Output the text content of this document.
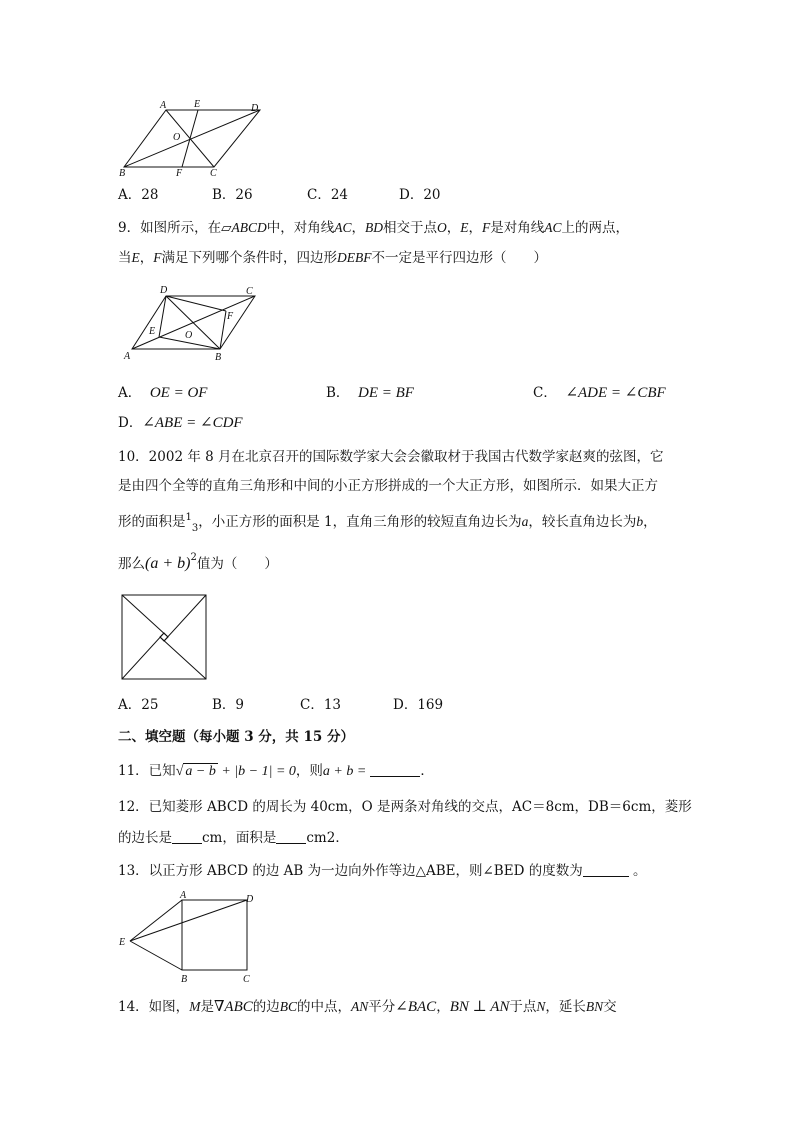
A	E	D
O
B	F	C
A．28	B．26	C．24	D．20
9．如图所示，在▱ABCD中，对角线AC，BD相交于点O，E，F是对角线AC上的两点，
当E，F满足下列哪个条件时，四边形DEBF不一定是平行四边形（　　）
D	C
F
E	O
A	B
A． OE = OF	B． DE = BF	C． ∠ADE = ∠CBF
D．∠ABE = ∠CDF
10．2002 年 8 月在北京召开的国际数学家大会会徽取材于我国古代数学家赵爽的弦图，它
是由四个全等的直角三角形和中间的小正方形拼成的一个大正方形，如图所示．如果大正方
形的面积是$^1_3$，小正方形的面积是 1，直角三角形的较短直角边长为a，较长直角边长为b，
那么$(a + b)^2$值为（　　）
A．25	B．9	C．13	D．169
二、填空题（每小题 3 分，共 15 分）
11．已知√ a − b + |b − 1| = 0，则a + b =	．
12．已知菱形 ABCD 的周长为 40cm，O 是两条对角线的交点，AC＝8cm，DB＝6cm，菱形
的边长是 cm，面积是 cm2．
13．以正方形 ABCD 的边 AB 为一边向外作等边△ABE，则∠BED 的度数为	。
A	D
E
B	C
14．如图，M是∇ABC的边BC的中点，AN平分∠BAC，BN ⊥ AN于点N，延长BN交
